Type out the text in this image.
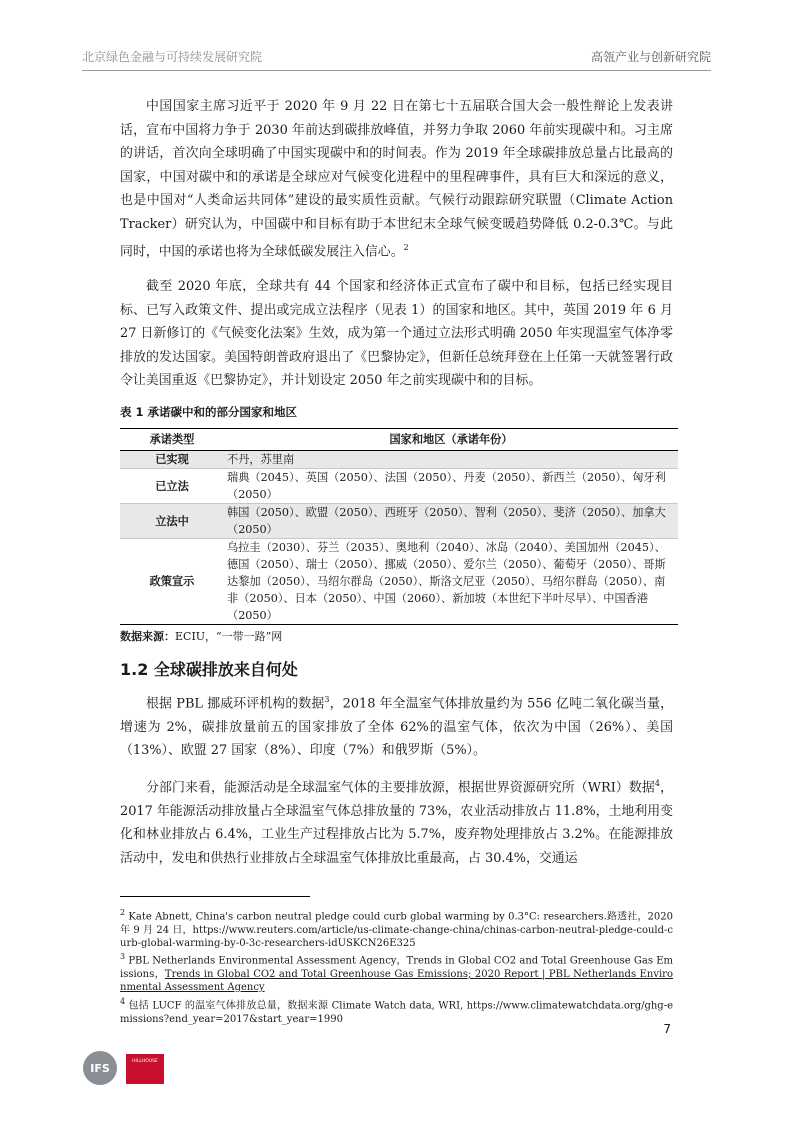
北京绿色金融与可持续发展研究院	高瓴产业与创新研究院

中国国家主席习近平于 2020 年 9 月 22 日在第七十五届联合国大会一般性辩论上发表讲话，宣布中国将力争于 2030 年前达到碳排放峰值，并努力争取 2060 年前实现碳中和。习主席的讲话，首次向全球明确了中国实现碳中和的时间表。作为 2019 年全球碳排放总量占比最高的国家，中国对碳中和的承诺是全球应对气候变化进程中的里程碑事件，具有巨大和深远的意义，也是中国对“人类命运共同体”建设的最实质性贡献。气候行动跟踪研究联盟（Climate Action Tracker）研究认为，中国碳中和目标有助于本世纪末全球气候变暖趋势降低 0.2-0.3℃。与此同时，中国的承诺也将为全球低碳发展注入信心。$^2$

截至 2020 年底，全球共有 44 个国家和经济体正式宣布了碳中和目标，包括已经实现目标、已写入政策文件、提出或完成立法程序（见表 1）的国家和地区。其中，英国 2019 年 6 月 27 日新修订的《气候变化法案》生效，成为第一个通过立法形式明确 2050 年实现温室气体净零排放的发达国家。美国特朗普政府退出了《巴黎协定》，但新任总统拜登在上任第一天就签署行政令让美国重返《巴黎协定》，并计划设定 2050 年之前实现碳中和的目标。

表 1 承诺碳中和的部分国家和地区
承诺类型	国家和地区（承诺年份）
已实现	不丹，苏里南
已立法	瑞典（2045）、英国（2050）、法国（2050）、丹麦（2050）、新西兰（2050）、匈牙利（2050）
立法中	韩国（2050）、欧盟（2050）、西班牙（2050）、智利（2050）、斐济（2050）、加拿大（2050）
政策宣示	乌拉圭（2030）、芬兰（2035）、奥地利（2040）、冰岛（2040）、美国加州（2045）、德国（2050）、瑞士（2050）、挪威（2050）、爱尔兰（2050）、葡萄牙（2050）、哥斯达黎加（2050）、马绍尔群岛（2050）、斯洛文尼亚（2050）、马绍尔群岛（2050）、南非（2050）、日本（2050）、中国（2060）、新加坡（本世纪下半叶尽早）、中国香港（2050）
数据来源：ECIU，“一带一路”网
1.2 全球碳排放来自何处

根据 PBL 挪威环评机构的数据$^3$，2018 年全温室气体排放量约为 556 亿吨二氧化碳当量，增速为 2%，碳排放量前五的国家排放了全体 62%的温室气体，依次为中国（26%）、美国（13%）、欧盟 27 国家（8%）、印度（7%）和俄罗斯（5%）。

分部门来看，能源活动是全球温室气体的主要排放源，根据世界资源研究所（WRI）数据$^4$，2017 年能源活动排放量占全球温室气体总排放量的 73%，农业活动排放占 11.8%，土地利用变化和林业排放占 6.4%，工业生产过程排放占比为 5.7%，废弃物处理排放占 3.2%。在能源排放活动中，发电和供热行业排放占全球温室气体排放比重最高，占 30.4%，交通运

$^2$ Kate Abnett, China's carbon neutral pledge could curb global warming by 0.3°C: researchers.路透社，2020 年 9 月 24 日，https://www.reuters.com/article/us-climate-change-china/chinas-carbon-neutral-pledge-could-curb-global-warming-by-0-3c-researchers-idUSKCN26E325

$^3$ PBL Netherlands Environmental Assessment Agency，Trends in Global CO2 and Total Greenhouse Gas Emissions，Trends in Global CO2 and Total Greenhouse Gas Emissions; 2020 Report | PBL Netherlands Environmental Assessment Agency

$^4$ 包括 LUCF 的温室气体排放总量，数据来源 Climate Watch data, WRI, https://www.climatewatchdata.org/ghg-emissions?end_year=2017&start_year=1990

7
IFS
HILLHOUSE
